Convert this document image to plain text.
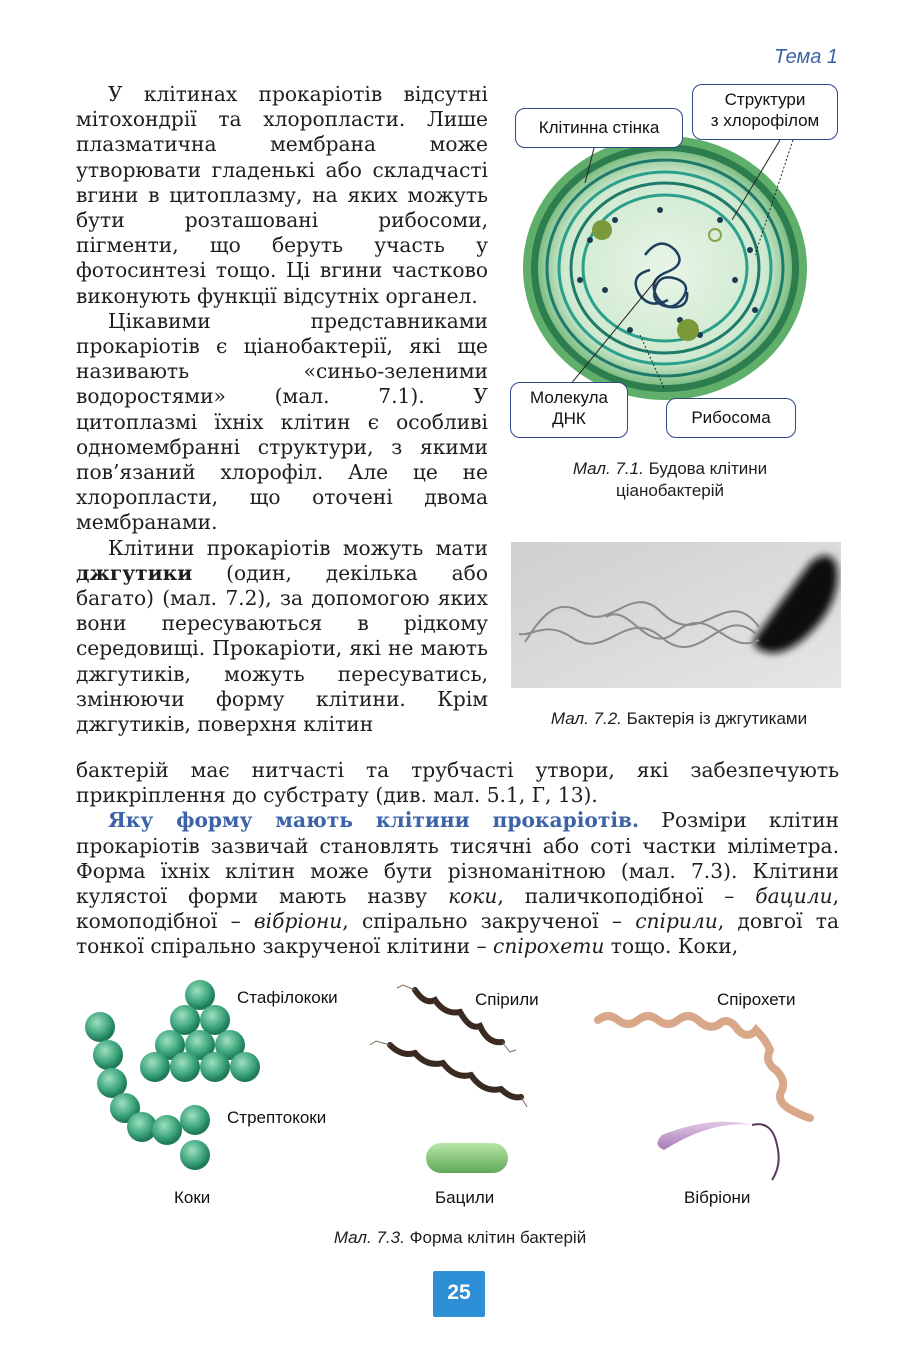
Тема 1

У клітинах прокаріотів відсутні мітохондрії та хлоропласти. Лише плазматична мембрана може утворювати гладенькі або складчасті вгини в цитоплазму, на яких можуть бути розташовані рибосоми, пігменти, що беруть участь у фотосинтезі тощо. Ці вгини частково виконують функції відсутніх органел.

Цікавими представниками прокаріотів є ціанобактерії, які ще називають «синьо-зеленими водоростями» (мал. 7.1). У цитоплазмі їхніх клітин є особливі одномембранні структури, з якими пов’язаний хлорофіл. Але це не хлоропласти, що оточені двома мембранами.

Клітини прокаріотів можуть мати джгутики (один, декілька або багато) (мал. 7.2), за допомогою яких вони пересуваються в рідкому середовищі. Прокаріоти, які не мають джгутиків, можуть пересуватись, змінюючи форму клітини. Крім джгутиків, поверхня клітин

бактерій має нитчасті та трубчасті утвори, які забезпечують прикріплення до субстрату (див. мал. 5.1, Г, 13).

Яку форму мають клітини прокаріотів. Розміри клітин прокаріотів зазвичай становлять тисячні або соті частки міліметра. Форма їхніх клітин може бути різноманітною (мал. 7.3). Клітини кулястої форми мають назву коки, паличкоподібної – бацили, комоподібної – вібріони, спірально закрученої – спірили, довгої та тонкої спірально закрученої клітини – спірохети тощо. Коки,

Клітинна стінка
Структури
з хлорофілом
Молекула
ДНК	Рибосома
Мал. 7.1. Будова клітини
ціанобактерій
Мал. 7.2. Бактерія із джгутиками
Стафілококи
Стрептококи
Коки
Спірили
Бацили
Спірохети
Вібріони
Мал. 7.3. Форма клітин бактерій
25
